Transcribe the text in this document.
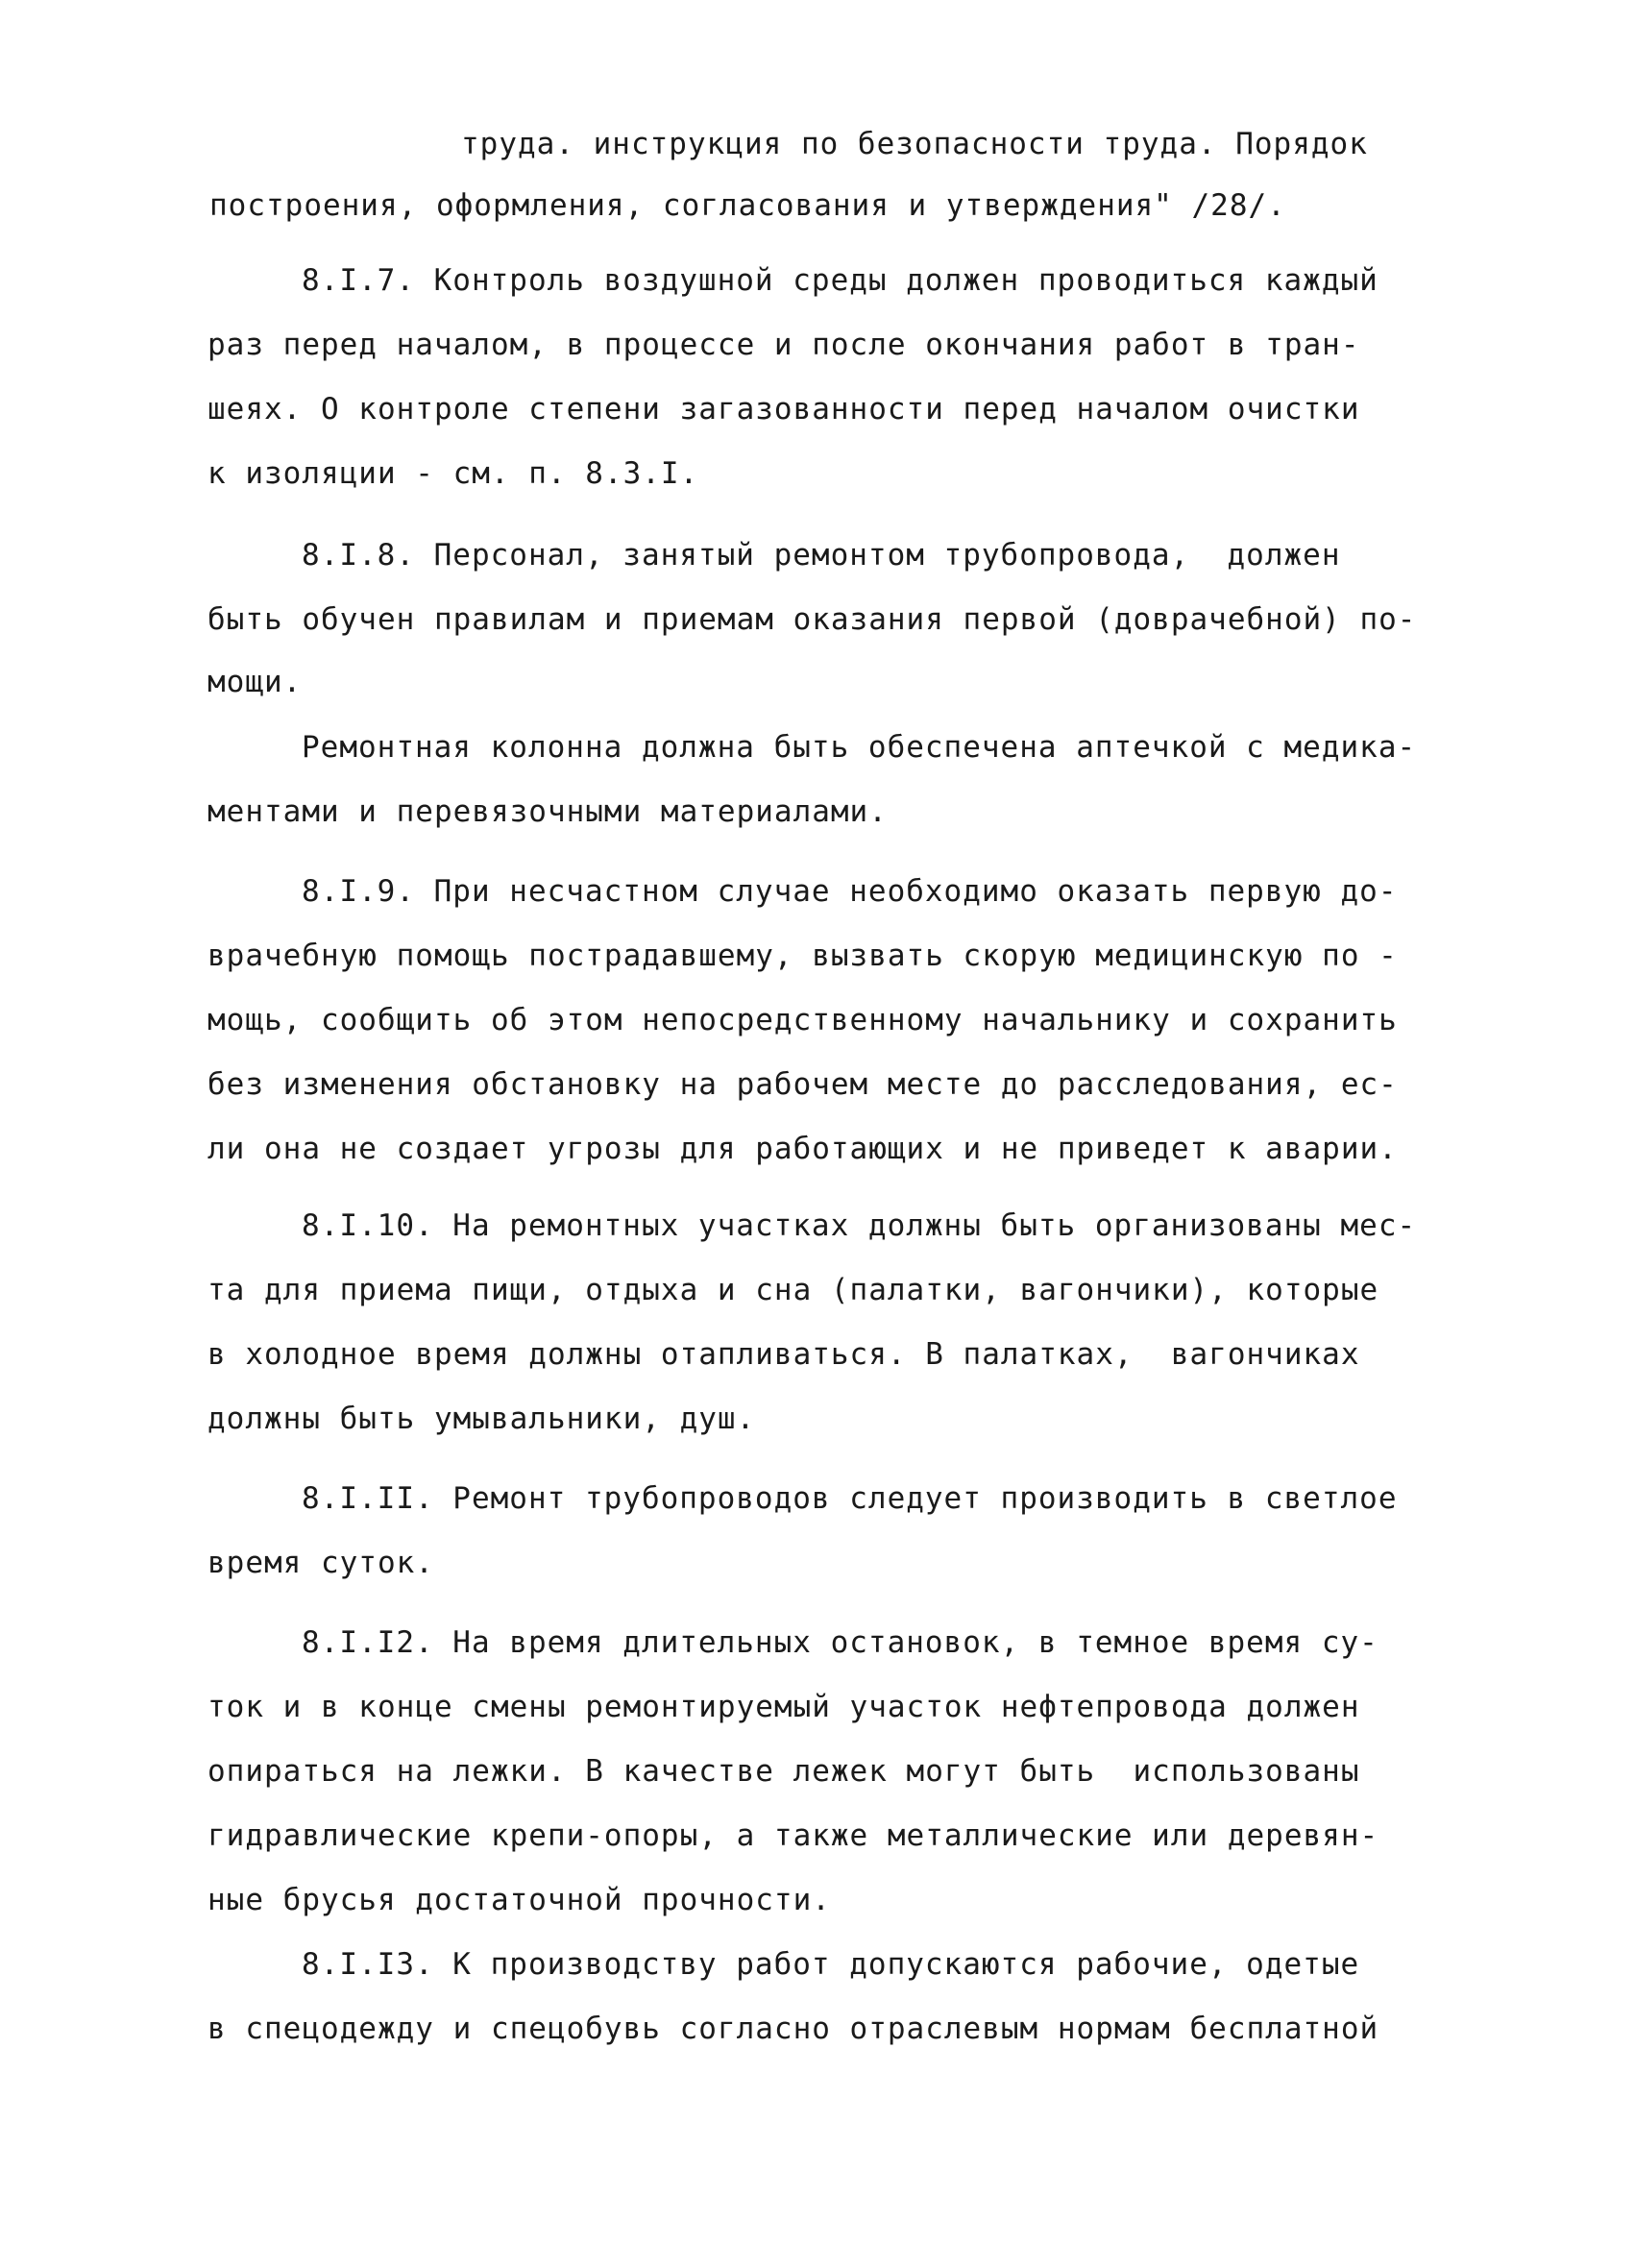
труда. инструкция по безопасности труда. Порядок
построения, оформления, согласования и утверждения" /28/.
8.I.7. Контроль воздушной среды должен проводиться каждый
раз перед началом, в процессе и после окончания работ в тран-
шеях. О контроле степени загазованности перед началом очистки
к изоляции - см. п. 8.3.I.
8.I.8. Персонал, занятый ремонтом трубопровода,  должен
быть обучен правилам и приемам оказания первой (доврачебной) по-
мощи.
Ремонтная колонна должна быть обеспечена аптечкой с медика-
ментами и перевязочными материалами.
8.I.9. При несчастном случае необходимо оказать первую до-
врачебную помощь пострадавшему, вызвать скорую медицинскую по -
мощь, сообщить об этом непосредственному начальнику и сохранить
без изменения обстановку на рабочем месте до расследования, ес-
ли она не создает угрозы для работающих и не приведет к аварии.
8.I.10. На ремонтных участках должны быть организованы мес-
та для приема пищи, отдыха и сна (палатки, вагончики), которые
в холодное время должны отапливаться. В палатках,  вагончиках
должны быть умывальники, душ.
8.I.II. Ремонт трубопроводов следует производить в светлое
время суток.
8.I.I2. На время длительных остановок, в темное время су-
ток и в конце смены ремонтируемый участок нефтепровода должен
опираться на лежки. В качестве лежек могут быть  использованы
гидравлические крепи-опоры, а также металлические или деревян-
ные брусья достаточной прочности.
8.I.I3. К производству работ допускаются рабочие, одетые
в спецодежду и спецобувь согласно отраслевым нормам бесплатной
